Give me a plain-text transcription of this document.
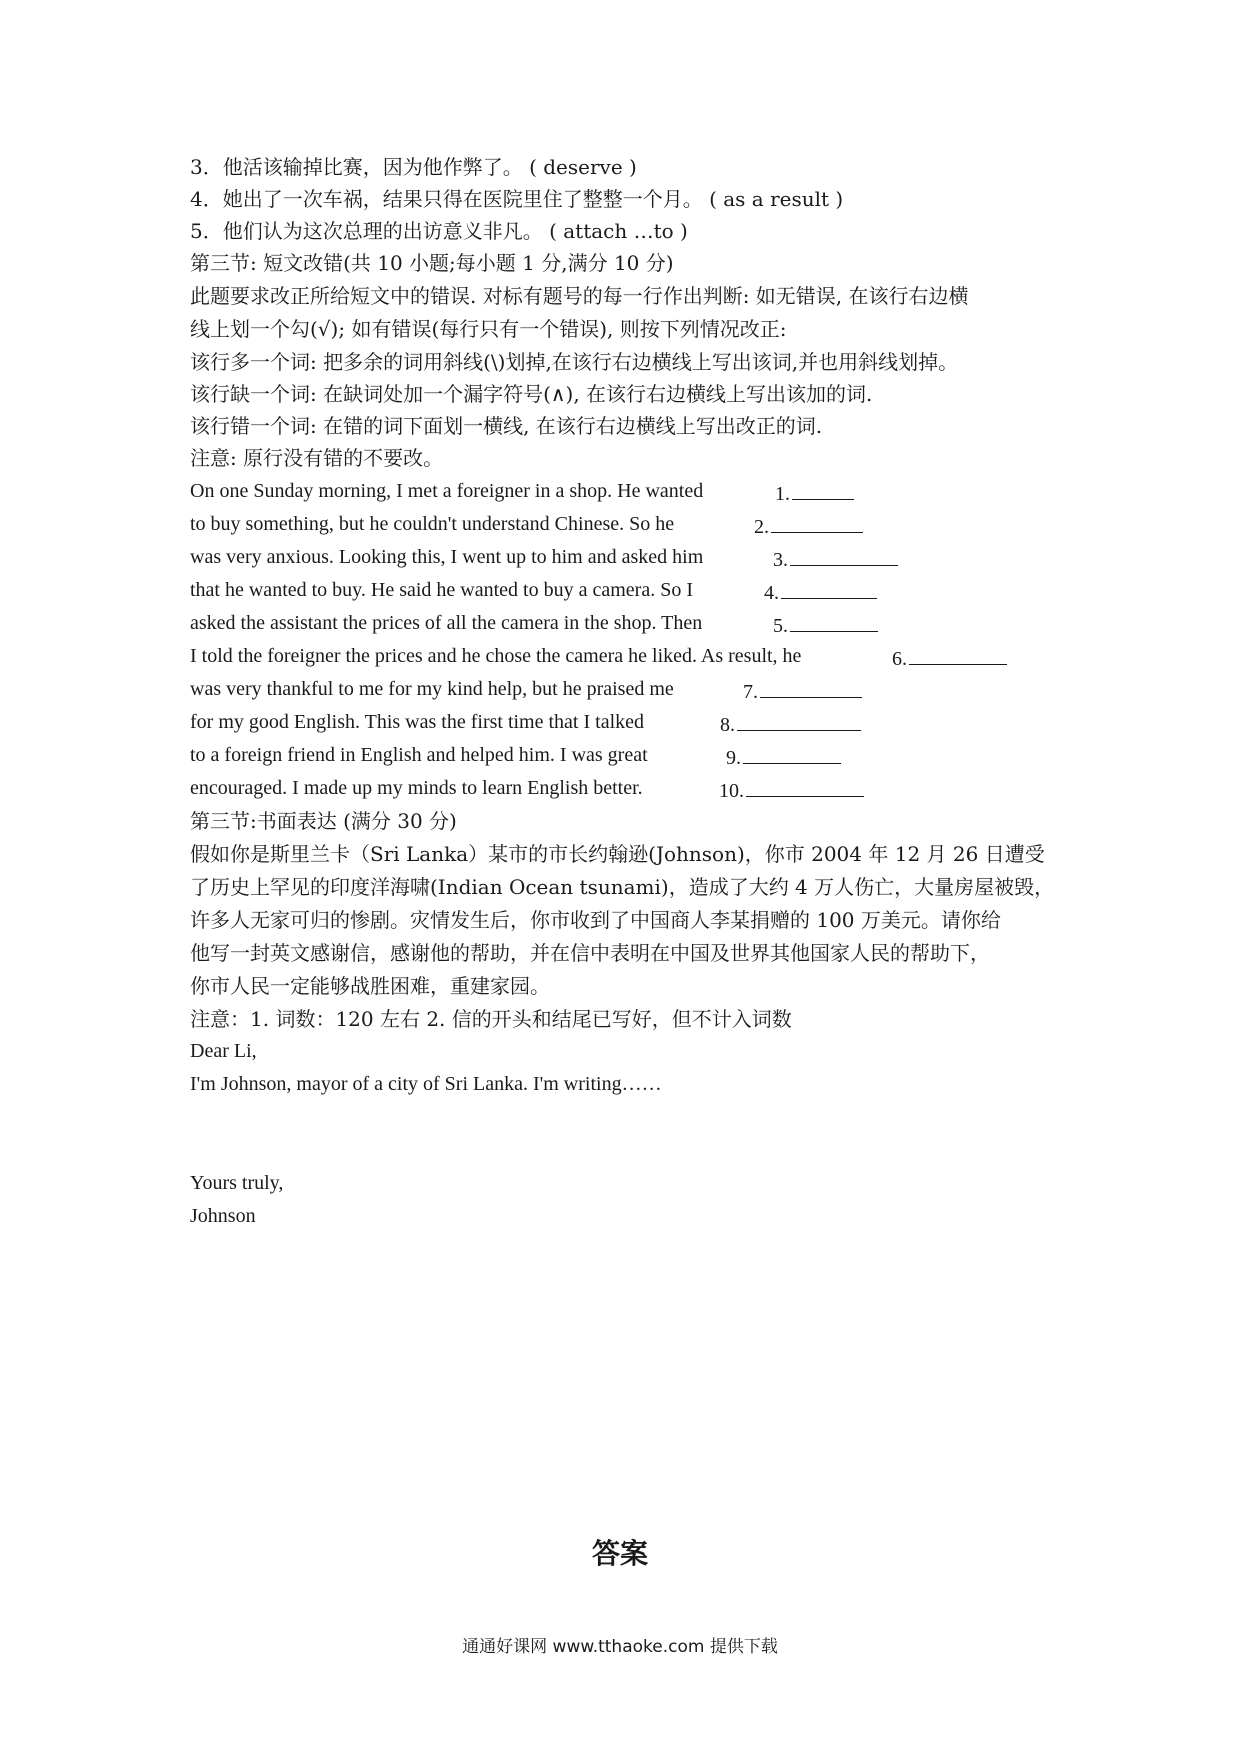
3．他活该输掉比赛，因为他作弊了。 ( deserve )
4．她出了一次车祸，结果只得在医院里住了整整一个月。 ( as a result )
5．他们认为这次总理的出访意义非凡。 ( attach …to )
第三节: 短文改错(共 10 小题;每小题 1 分,满分 10 分)
此题要求改正所给短文中的错误. 对标有题号的每一行作出判断: 如无错误, 在该行右边横
线上划一个勾(√); 如有错误(每行只有一个错误), 则按下列情况改正:
该行多一个词: 把多余的词用斜线(\)划掉,在该行右边横线上写出该词,并也用斜线划掉。
该行缺一个词: 在缺词处加一个漏字符号(∧), 在该行右边横线上写出该加的词.
该行错一个词: 在错的词下面划一横线, 在该行右边横线上写出改正的词.
注意: 原行没有错的不要改。
On one Sunday morning, I met a foreigner in a shop. He wanted	1.
to buy something, but he couldn't understand Chinese. So he	2.
was very anxious. Looking this, I went up to him and asked him	3.
that he wanted to buy. He said he wanted to buy a camera. So I	4.
asked the assistant the prices of all the camera in the shop. Then	5.
I told the foreigner the prices and he chose the camera he liked. As result, he	6.
was very thankful to me for my kind help, but he praised me	7.
for my good English. This was the first time that I talked	8.
to a foreign friend in English and helped him. I was great	9.
encouraged. I made up my minds to learn English better.	10.
第三节:书面表达 (满分 30 分)
假如你是斯里兰卡（Sri Lanka）某市的市长约翰逊(Johnson)，你市 2004 年 12 月 26 日遭受
了历史上罕见的印度洋海啸(Indian Ocean tsunami)，造成了大约 4 万人伤亡，大量房屋被毁，
许多人无家可归的惨剧。灾情发生后，你市收到了中国商人李某捐赠的 100 万美元。请你给
他写一封英文感谢信，感谢他的帮助，并在信中表明在中国及世界其他国家人民的帮助下，
你市人民一定能够战胜困难，重建家园。
注意：1. 词数：120 左右 2. 信的开头和结尾已写好，但不计入词数
Dear Li,
I'm Johnson, mayor of a city of Sri Lanka. I'm writing……
Yours truly,
Johnson
答案
通通好课网 www.tthaoke.com 提供下载
